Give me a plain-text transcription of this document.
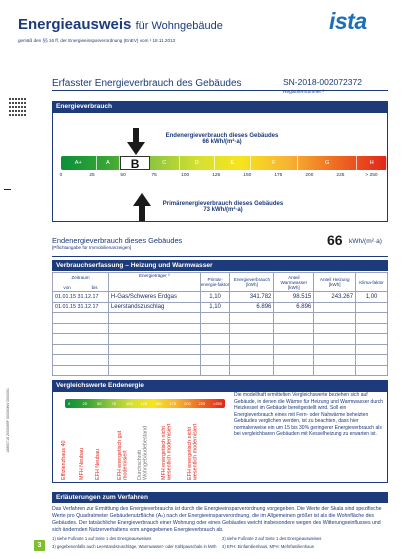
Energieausweis für Wohngebäude
gemäß den §§ 16 ff. der Energieeinsparverordnung (EnEV) vom ¹ 18.11.2013
ista
18800718 2000069P 000040NV 0000061
Erfasster Energieverbrauch des Gebäudes	SN-2018-002072372
Registriernummer ²
Energieverbrauch
Endenergieverbrauch dieses Gebäudes
66 kWh/(m²·a)
A+	A	B	C	D	E	F	G	H
0	25	50	75	100	125	150	175	200	225	> 250
Primärenergieverbrauch dieses Gebäudes
73 kWh/(m²·a)
Endenergieverbrauch dieses Gebäudes
[Pflichtangabe für Immobilienanzeigen]	66 kWh/(m²·a)
Verbrauchserfassung – Heizung und Warmwasser
Zeitraum
von bis	Energieträger ³	Primär-energie-faktor	Energieverbrauch [kWh]	Anteil Warmwasser [kWh]	Anteil Heizung [kWh]	Klima-faktor
01.01.15 31.12.17	H-Gas/Schweres Erdgas	1,10	341.782	98.515	243.267	1,00
01.01.15 31.12.17	Leerstandszuschlag	1,10	6.896	6.896		

Vergleichswerte Endenergie
0	25	50	75	100 125 150 175 200 225 >250
Effizienzhaus 40 MFH Neubau EFH Neubau	EFH energetisch gut modernisiert Durchschnitt Wohngebäudebestand MFH energetisch nicht wesentlich modernisiert	EFH energetisch nicht wesentlich modernisiert
Die modellhaft ermittelten Vergleichswerte beziehen sich auf Gebäude, in denen die Wärme für Heizung und Warmwasser durch Heizkessel im Gebäude bereitgestellt wird. Soll ein Energieverbrauch eines mit Fern- oder Nahwärme beheizten Gebäudes verglichen werden, ist zu beachten, dass hier normalerweise ein um 15 bis 30% geringerer Energieverbrauch als bei vergleichbaren Gebäuden mit Kesselheizung zu erwarten ist.
Erläuterungen zum Verfahren
Das Verfahren zur Ermittlung des Energieverbrauchs ist durch die Energieeinsparverordnung vorgegeben. Die Werte der Skala sind spezifische Werte pro Quadratmeter Gebäudenutzfläche (Aₙ) nach der Energieeinsparverordnung, die im Allgemeinen größer ist als die Wohnfläche des Gebäudes. Der tatsächliche Energieverbrauch einer Wohnung oder eines Gebäudes weicht insbesondere wegen des Witterungseinflusses und sich ändernden Nutzerverhaltens vom angegebenen Energieverbrauch ab.
1) siehe Fußnote 1 auf Seite 1 des Energieausweises	2) siehe Fußnote 2 auf Seite 1 des Energieausweises
3) gegebenenfalls auch Leerstandszuschläge, Warmwasser- oder Kühlpauschale in kWh 4) EFH: Einfamilienhaus, MFH: Mehrfamilienhaus
3
